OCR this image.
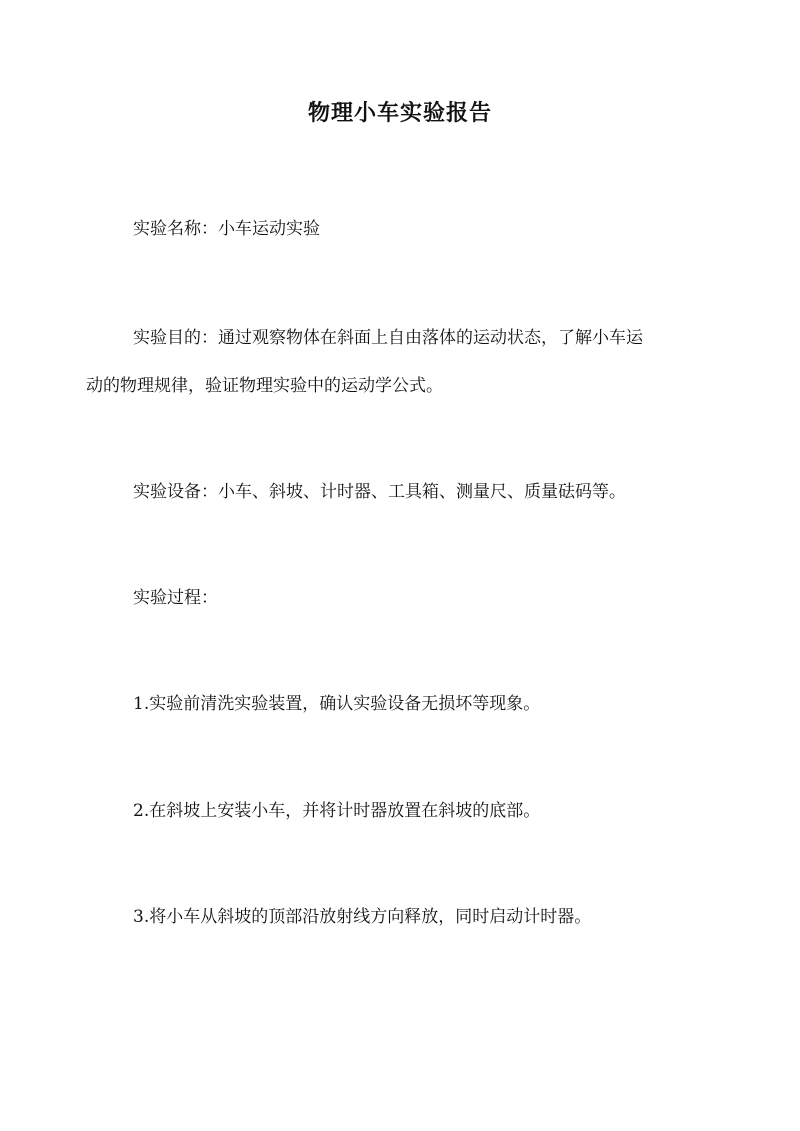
物理小车实验报告

实验名称：小车运动实验

实验目的：通过观察物体在斜面上自由落体的运动状态，了解小车运
动的物理规律，验证物理实验中的运动学公式。

实验设备：小车、斜坡、计时器、工具箱、测量尺、质量砝码等。

实验过程：

1.实验前清洗实验装置，确认实验设备无损坏等现象。

2.在斜坡上安装小车，并将计时器放置在斜坡的底部。

3.将小车从斜坡的顶部沿放射线方向释放，同时启动计时器。
